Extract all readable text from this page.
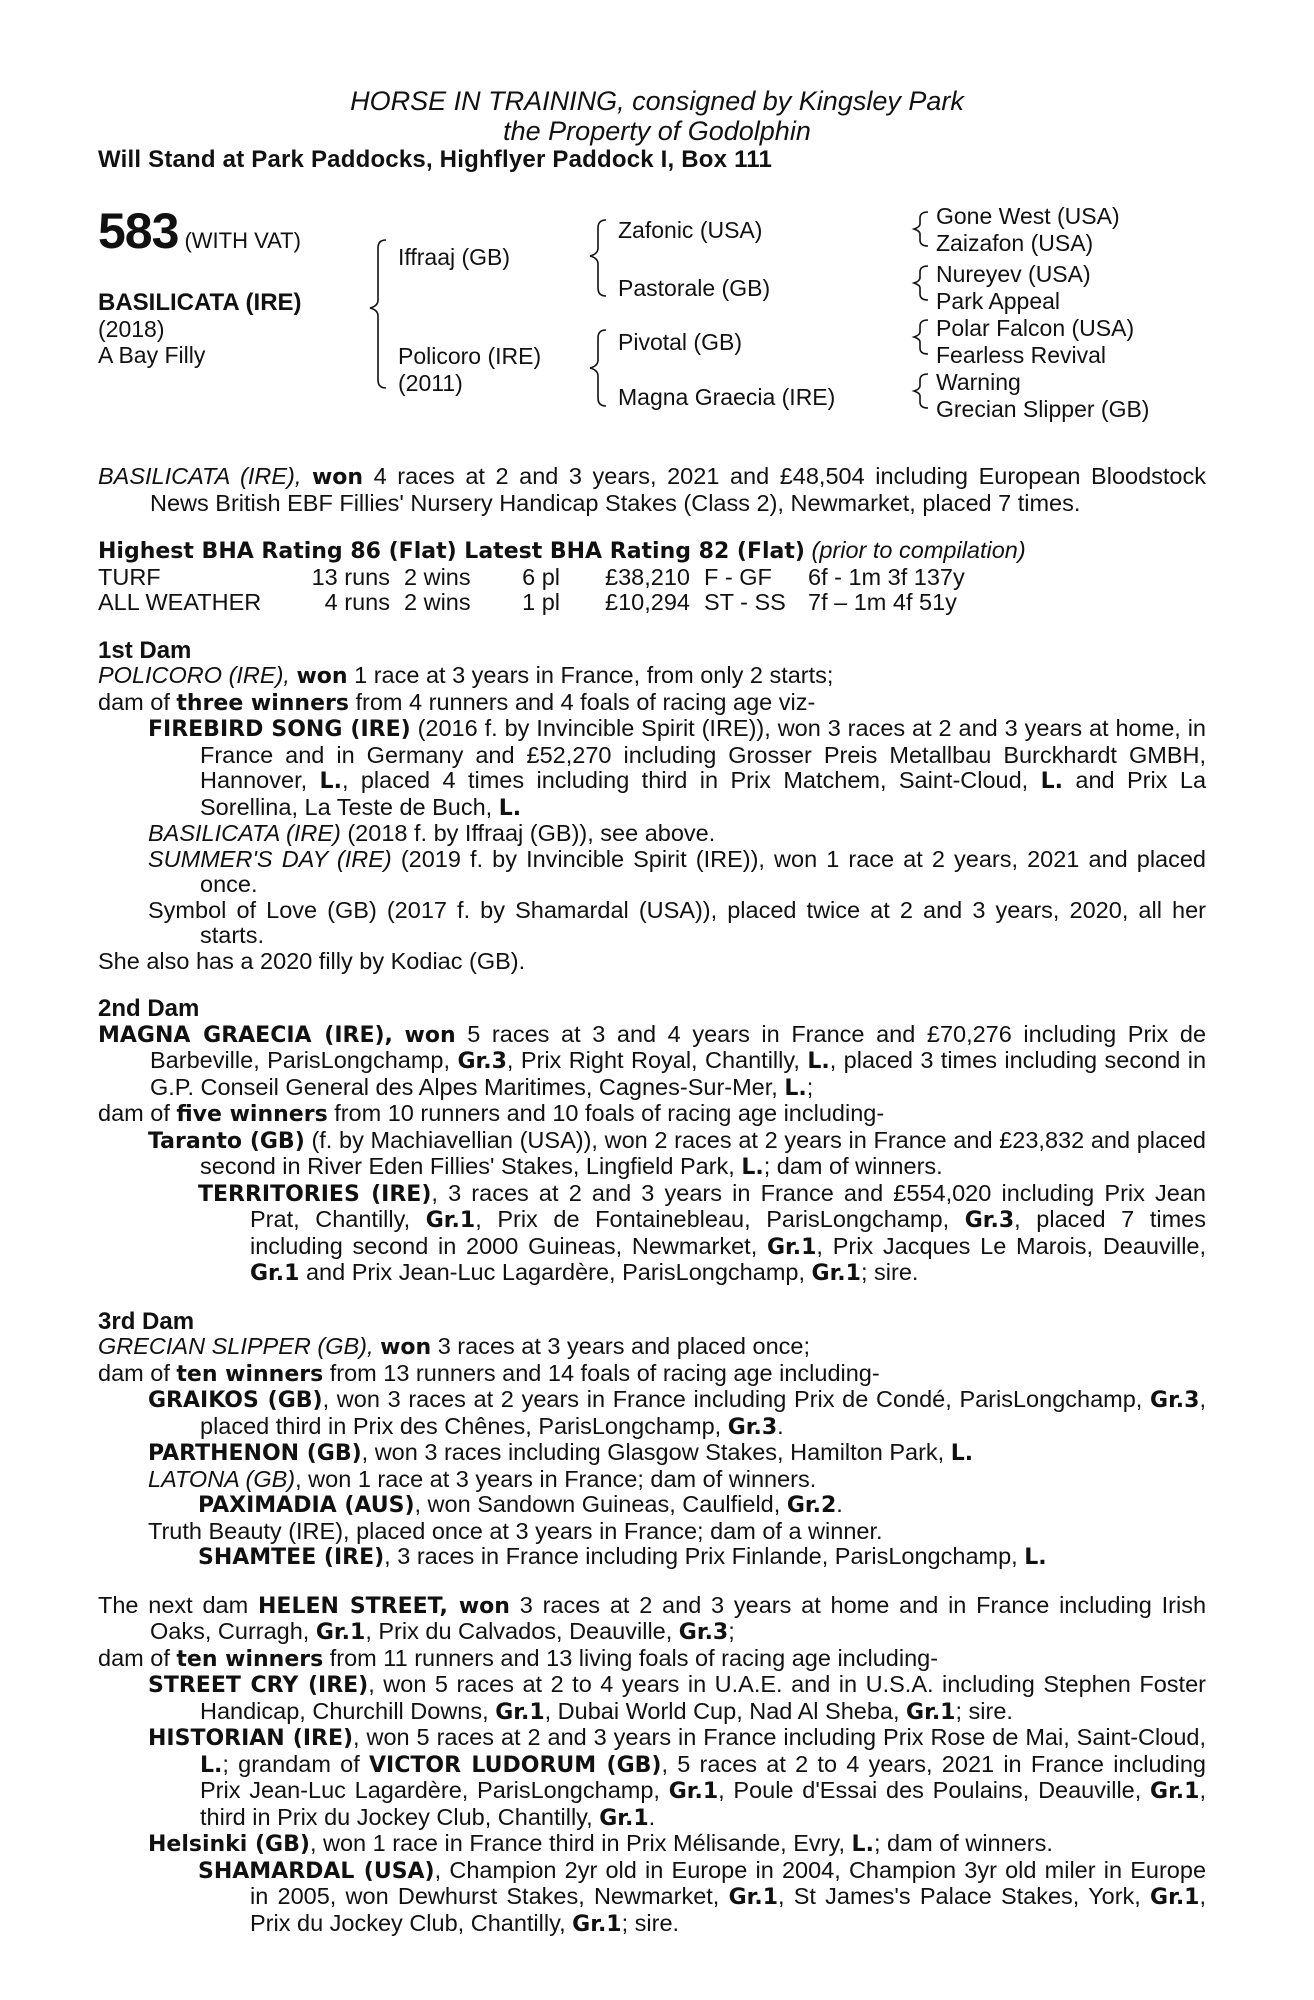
HORSE IN TRAINING, consigned by Kingsley Park
the Property of Godolphin
Will Stand at Park Paddocks, Highflyer Paddock I, Box 111
583 (WITH VAT)
BASILICATA (IRE)
(2018)
A Bay Filly
Iffraaj (GB)
Policoro (IRE)
(2011)
Zafonic (USA)
Pastorale (GB)
Pivotal (GB)
Magna Graecia (IRE)
Gone West (USA)
Zaizafon (USA)
Nureyev (USA)
Park Appeal
Polar Falcon (USA)
Fearless Revival
Warning
Grecian Slipper (GB)

BASILICATA (IRE), won 4 races at 2 and 3 years, 2021 and £48,504 including European Bloodstock News British EBF Fillies' Nursery Handicap Stakes (Class 2), Newmarket, placed 7 times.

Highest BHA Rating 86 (Flat) Latest BHA Rating 82 (Flat) (prior to compilation)

TURF	13 runs 2 wins	6 pl	£38,210 F - GF	6f - 1m 3f 137y
ALL WEATHER	4 runs 2 wins	1 pl	£10,294 ST - SS 7f – 1m 4f 51y

1st Dam

POLICORO (IRE), won 1 race at 3 years in France, from only 2 starts;

dam of three winners from 4 runners and 4 foals of racing age viz-

FIREBIRD SONG (IRE) (2016 f. by Invincible Spirit (IRE)), won 3 races at 2 and 3 years at home, in France and in Germany and £52,270 including Grosser Preis Metallbau Burckhardt GMBH, Hannover, L., placed 4 times including third in Prix Matchem, Saint-Cloud, L. and Prix La Sorellina, La Teste de Buch, L.

BASILICATA (IRE) (2018 f. by Iffraaj (GB)), see above.

SUMMER'S DAY (IRE) (2019 f. by Invincible Spirit (IRE)), won 1 race at 2 years, 2021 and placed once.

Symbol of Love (GB) (2017 f. by Shamardal (USA)), placed twice at 2 and 3 years, 2020, all her starts.

She also has a 2020 filly by Kodiac (GB).

2nd Dam

MAGNA GRAECIA (IRE), won 5 races at 3 and 4 years in France and £70,276 including Prix de Barbeville, ParisLongchamp, Gr.3, Prix Right Royal, Chantilly, L., placed 3 times including second in G.P. Conseil General des Alpes Maritimes, Cagnes-Sur-Mer, L.;

dam of five winners from 10 runners and 10 foals of racing age including-

Taranto (GB) (f. by Machiavellian (USA)), won 2 races at 2 years in France and £23,832 and placed second in River Eden Fillies' Stakes, Lingfield Park, L.; dam of winners.

TERRITORIES (IRE), 3 races at 2 and 3 years in France and £554,020 including Prix Jean Prat, Chantilly, Gr.1, Prix de Fontainebleau, ParisLongchamp, Gr.3, placed 7 times including second in 2000 Guineas, Newmarket, Gr.1, Prix Jacques Le Marois, Deauville, Gr.1 and Prix Jean-Luc Lagardère, ParisLongchamp, Gr.1; sire.

3rd Dam

GRECIAN SLIPPER (GB), won 3 races at 3 years and placed once;

dam of ten winners from 13 runners and 14 foals of racing age including-

GRAIKOS (GB), won 3 races at 2 years in France including Prix de Condé, ParisLongchamp, Gr.3, placed third in Prix des Chênes, ParisLongchamp, Gr.3.

PARTHENON (GB), won 3 races including Glasgow Stakes, Hamilton Park, L.

LATONA (GB), won 1 race at 3 years in France; dam of winners.

PAXIMADIA (AUS), won Sandown Guineas, Caulfield, Gr.2.

Truth Beauty (IRE), placed once at 3 years in France; dam of a winner.

SHAMTEE (IRE), 3 races in France including Prix Finlande, ParisLongchamp, L.

The next dam HELEN STREET, won 3 races at 2 and 3 years at home and in France including Irish Oaks, Curragh, Gr.1, Prix du Calvados, Deauville, Gr.3;

dam of ten winners from 11 runners and 13 living foals of racing age including-

STREET CRY (IRE), won 5 races at 2 to 4 years in U.A.E. and in U.S.A. including Stephen Foster Handicap, Churchill Downs, Gr.1, Dubai World Cup, Nad Al Sheba, Gr.1; sire.

HISTORIAN (IRE), won 5 races at 2 and 3 years in France including Prix Rose de Mai, Saint-Cloud, L.; grandam of VICTOR LUDORUM (GB), 5 races at 2 to 4 years, 2021 in France including Prix Jean-Luc Lagardère, ParisLongchamp, Gr.1, Poule d'Essai des Poulains, Deauville, Gr.1, third in Prix du Jockey Club, Chantilly, Gr.1.

Helsinki (GB), won 1 race in France third in Prix Mélisande, Evry, L.; dam of winners.

SHAMARDAL (USA), Champion 2yr old in Europe in 2004, Champion 3yr old miler in Europe in 2005, won Dewhurst Stakes, Newmarket, Gr.1, St James's Palace Stakes, York, Gr.1, Prix du Jockey Club, Chantilly, Gr.1; sire.
